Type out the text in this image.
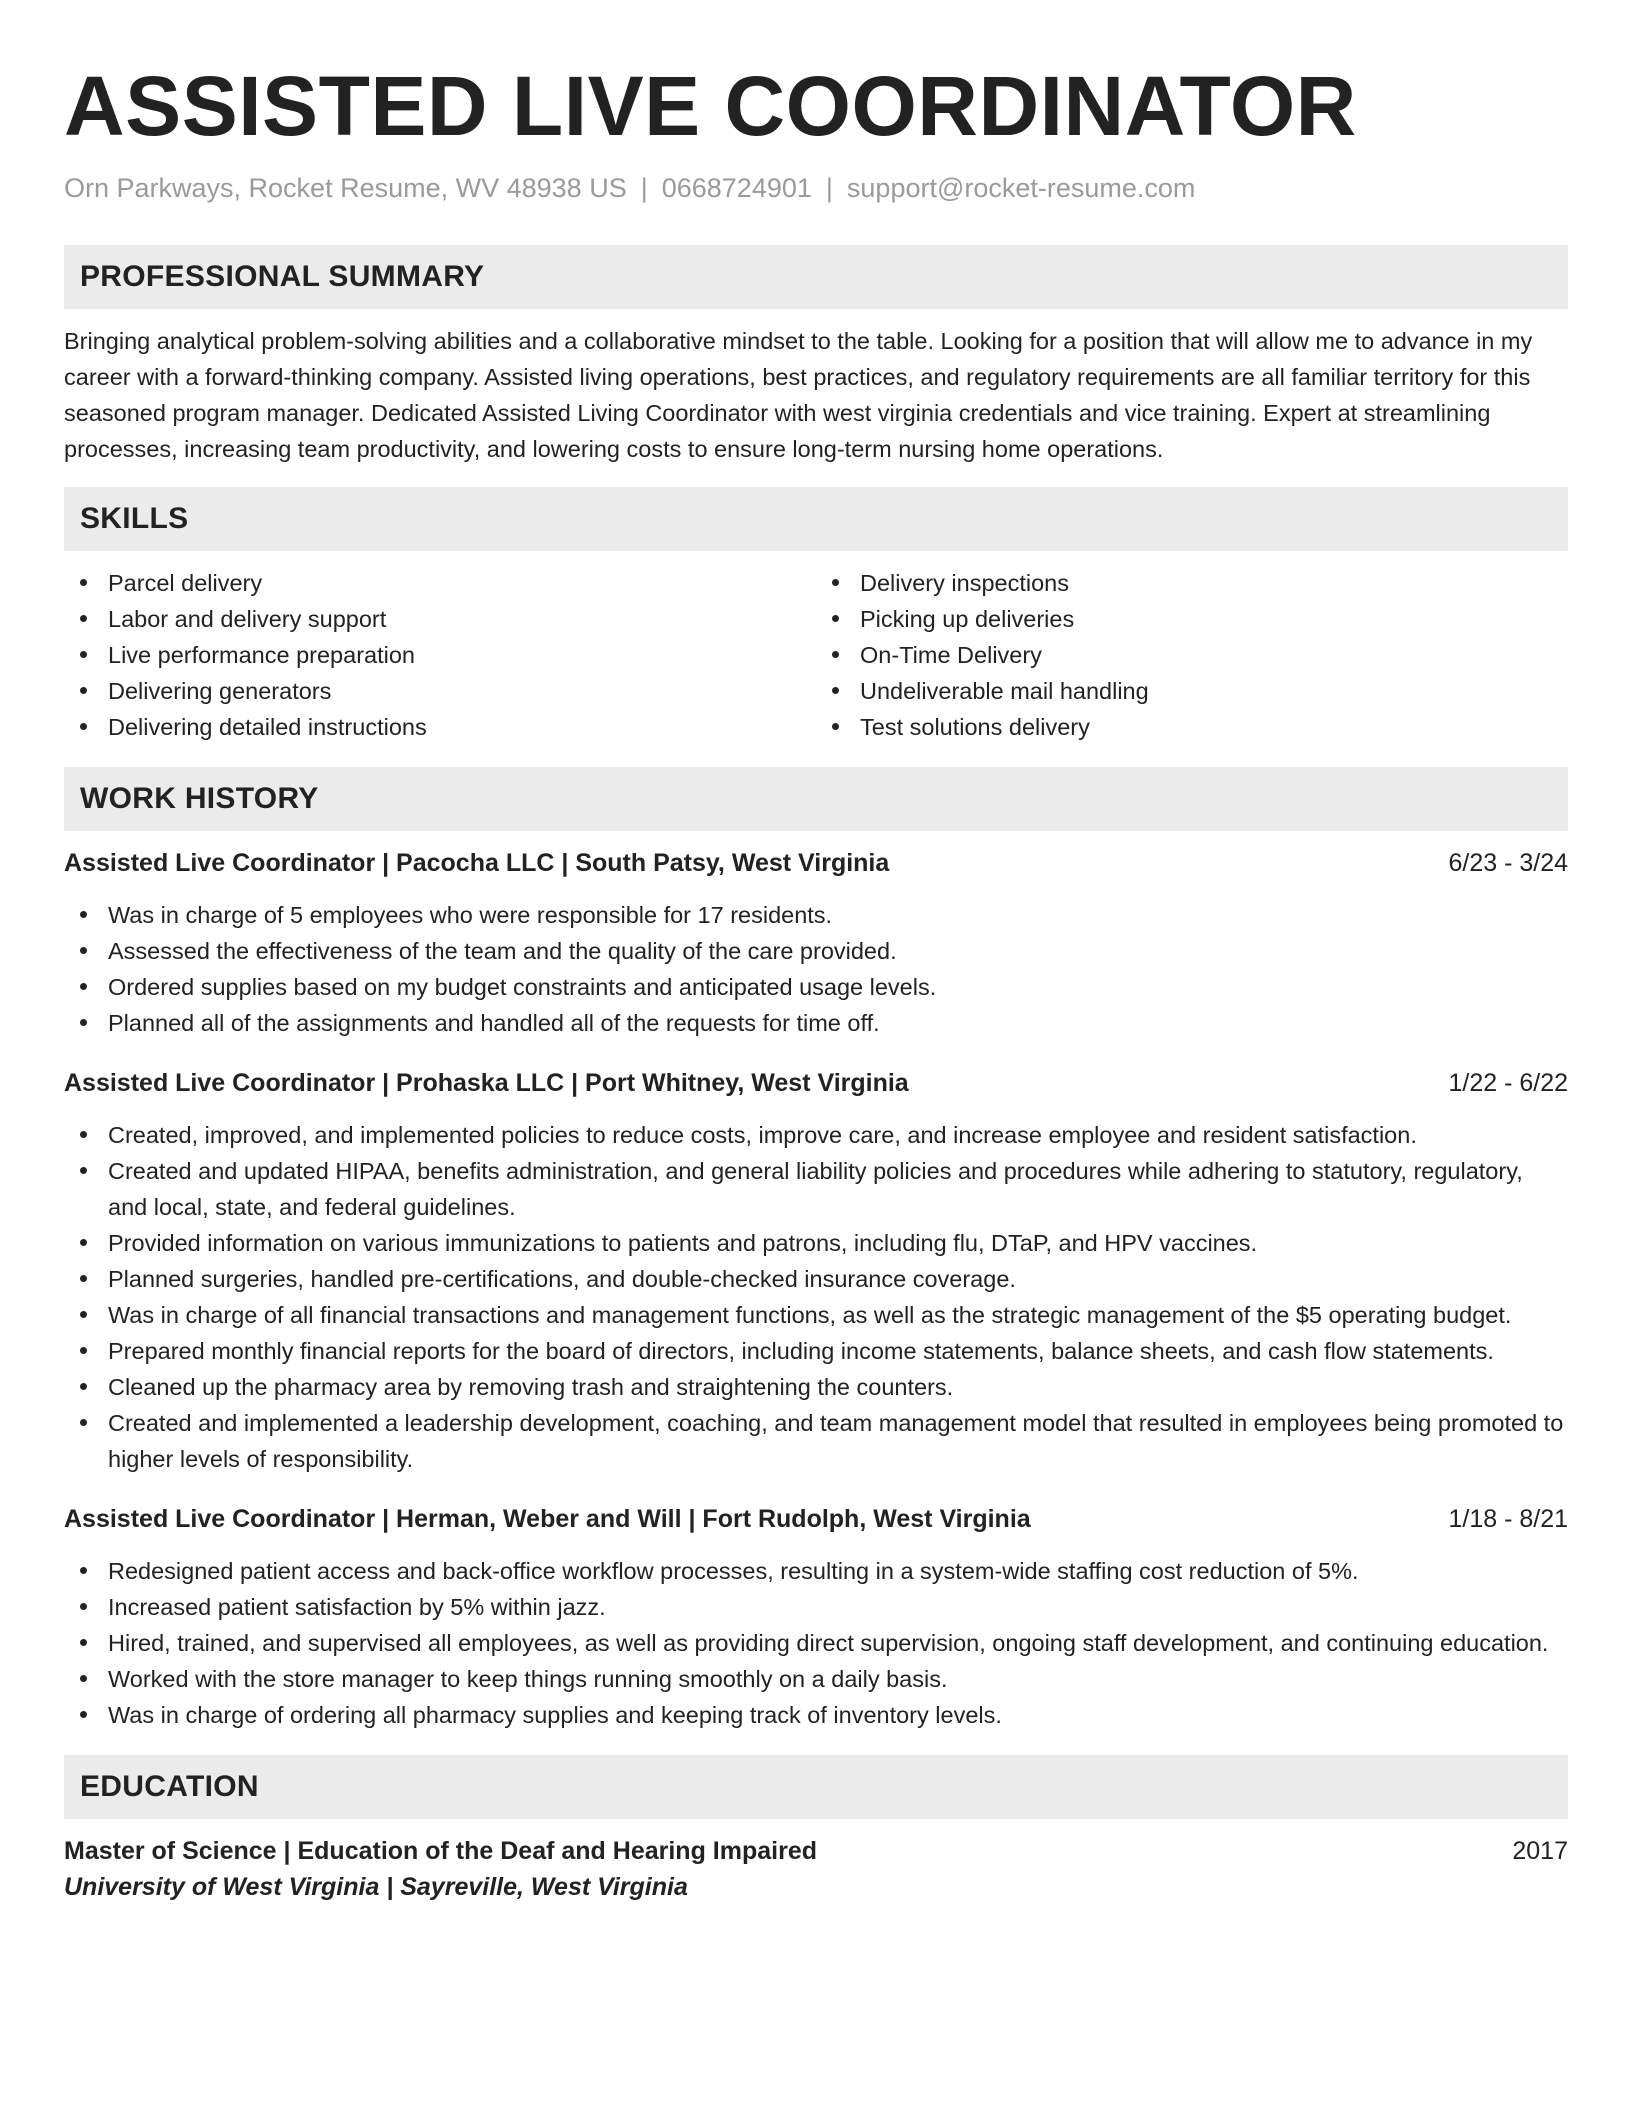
ASSISTED LIVE COORDINATOR
Orn Parkways, Rocket Resume, WV 48938 US | 0668724901 | support@rocket-resume.com
PROFESSIONAL SUMMARY

Bringing analytical problem-solving abilities and a collaborative mindset to the table. Looking for a position that will allow me to advance in my career with a forward-thinking company. Assisted living operations, best practices, and regulatory requirements are all familiar territory for this seasoned program manager. Dedicated Assisted Living Coordinator with west virginia credentials and vice training. Expert at streamlining processes, increasing team productivity, and lowering costs to ensure long-term nursing home operations.

SKILLS
Parcel delivery
Labor and delivery support
Live performance preparation
Delivering generators
Delivering detailed instructions
Delivery inspections
Picking up deliveries
On-Time Delivery
Undeliverable mail handling
Test solutions delivery
WORK HISTORY
Assisted Live Coordinator | Pacocha LLC | South Patsy, West Virginia	6/23 - 3/24
Was in charge of 5 employees who were responsible for 17 residents.
Assessed the effectiveness of the team and the quality of the care provided.
Ordered supplies based on my budget constraints and anticipated usage levels.
Planned all of the assignments and handled all of the requests for time off.
Assisted Live Coordinator | Prohaska LLC | Port Whitney, West Virginia	1/22 - 6/22
Created, improved, and implemented policies to reduce costs, improve care, and increase employee and resident satisfaction.
Created and updated HIPAA, benefits administration, and general liability policies and procedures while adhering to statutory, regulatory, and local, state, and federal guidelines.
Provided information on various immunizations to patients and patrons, including flu, DTaP, and HPV vaccines.
Planned surgeries, handled pre-certifications, and double-checked insurance coverage.
Was in charge of all financial transactions and management functions, as well as the strategic management of the $5 operating budget.
Prepared monthly financial reports for the board of directors, including income statements, balance sheets, and cash flow statements.
Cleaned up the pharmacy area by removing trash and straightening the counters.
Created and implemented a leadership development, coaching, and team management model that resulted in employees being promoted to higher levels of responsibility.
Assisted Live Coordinator | Herman, Weber and Will | Fort Rudolph, West Virginia	1/18 - 8/21
Redesigned patient access and back-office workflow processes, resulting in a system-wide staffing cost reduction of 5%.
Increased patient satisfaction by 5% within jazz.
Hired, trained, and supervised all employees, as well as providing direct supervision, ongoing staff development, and continuing education.
Worked with the store manager to keep things running smoothly on a daily basis.
Was in charge of ordering all pharmacy supplies and keeping track of inventory levels.
EDUCATION
Master of Science | Education of the Deaf and Hearing Impaired	2017
University of West Virginia | Sayreville, West Virginia
